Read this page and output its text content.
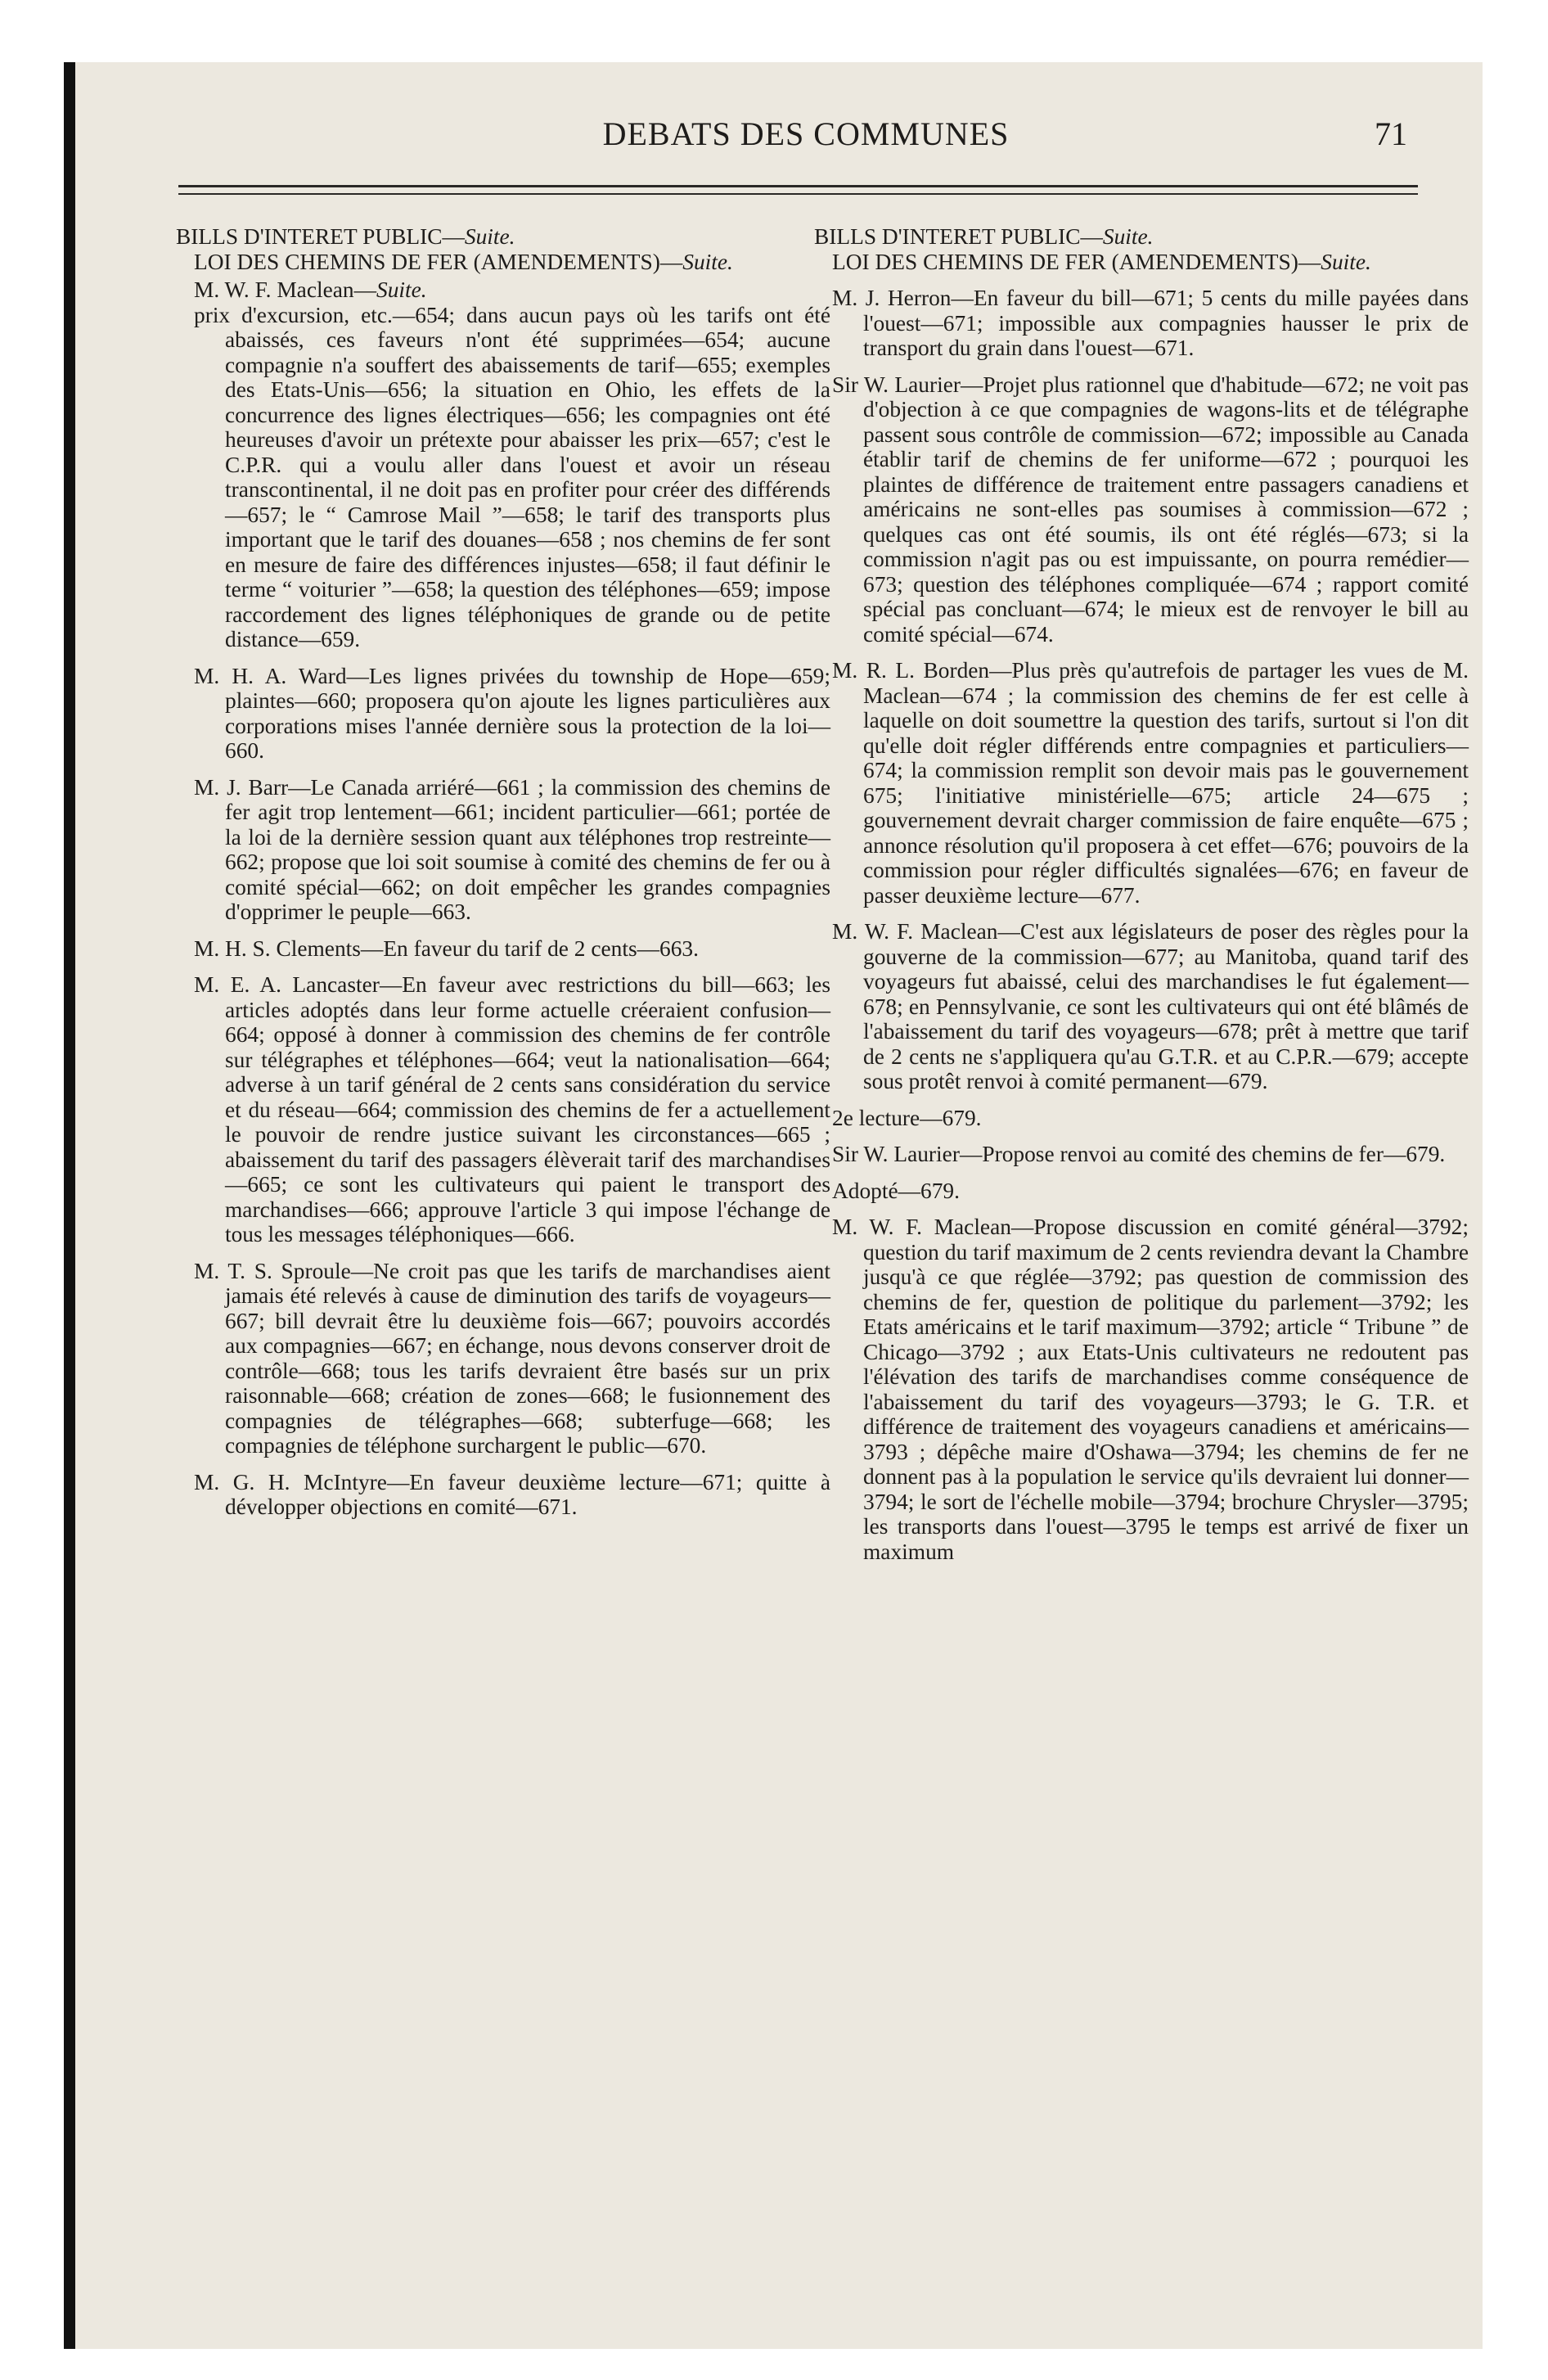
DEBATS DES COMMUNES	71

BILLS D'INTERET PUBLIC—Suite.

LOI DES CHEMINS DE FER (AMENDEMENTS)—Suite.

M. W. F. Maclean—Suite.

prix d'excursion, etc.—654; dans aucun pays où les tarifs ont été abaissés, ces faveurs n'ont été supprimées—654; aucune compagnie n'a souffert des abaissements de tarif—655; exemples des Etats-Unis—656; la situation en Ohio, les effets de la concurrence des lignes électriques—656; les compagnies ont été heureuses d'avoir un prétexte pour abaisser les prix—657; c'est le C.P.R. qui a voulu aller dans l'ouest et avoir un réseau transcontinental, il ne doit pas en profiter pour créer des différends—657; le “ Camrose Mail ”—658; le tarif des transports plus important que le tarif des douanes—658 ; nos chemins de fer sont en mesure de faire des différences injustes—658; il faut définir le terme “ voiturier ”—658; la question des téléphones—659; impose raccordement des lignes téléphoniques de grande ou de petite distance—659.

M. H. A. Ward—Les lignes privées du township de Hope—659; plaintes—660; proposera qu'on ajoute les lignes particulières aux corporations mises l'année dernière sous la protection de la loi—660.

M. J. Barr—Le Canada arriéré—661 ; la commission des chemins de fer agit trop lentement—661; incident particulier—661; portée de la loi de la dernière session quant aux téléphones trop restreinte—662; propose que loi soit soumise à comité des chemins de fer ou à comité spécial—662; on doit empêcher les grandes compagnies d'opprimer le peuple—663.

M. H. S. Clements—En faveur du tarif de 2 cents—663.

M. E. A. Lancaster—En faveur avec restrictions du bill—663; les articles adoptés dans leur forme actuelle créeraient confusion—664; opposé à donner à commission des chemins de fer contrôle sur télégraphes et téléphones—664; veut la nationalisation—664; adverse à un tarif général de 2 cents sans considération du service et du réseau—664; commission des chemins de fer a actuellement le pouvoir de rendre justice suivant les circonstances—665 ; abaissement du tarif des passagers élèverait tarif des marchandises—665; ce sont les cultivateurs qui paient le transport des marchandises—666; approuve l'article 3 qui impose l'échange de tous les messages téléphoniques—666.

M. T. S. Sproule—Ne croit pas que les tarifs de marchandises aient jamais été relevés à cause de diminution des tarifs de voyageurs—667; bill devrait être lu deuxième fois—667; pouvoirs accordés aux compagnies—667; en échange, nous devons conserver droit de contrôle—668; tous les tarifs devraient être basés sur un prix raisonnable—668; création de zones—668; le fusionnement des compagnies de télégraphes—668; subterfuge—668; les compagnies de téléphone surchargent le public—670.

M. G. H. McIntyre—En faveur deuxième lecture—671; quitte à développer objections en comité—671.

BILLS D'INTERET PUBLIC—Suite.

LOI DES CHEMINS DE FER (AMENDEMENTS)—Suite.

M. J. Herron—En faveur du bill—671; 5 cents du mille payées dans l'ouest—671; impossible aux compagnies hausser le prix de transport du grain dans l'ouest—671.

Sir W. Laurier—Projet plus rationnel que d'habitude—672; ne voit pas d'objection à ce que compagnies de wagons-lits et de télégraphe passent sous contrôle de commission—672; impossible au Canada établir tarif de chemins de fer uniforme—672 ; pourquoi les plaintes de différence de traitement entre passagers canadiens et américains ne sont-elles pas soumises à commission—672 ; quelques cas ont été soumis, ils ont été réglés—673; si la commission n'agit pas ou est impuissante, on pourra remédier—673; question des téléphones compliquée—674 ; rapport comité spécial pas concluant—674; le mieux est de renvoyer le bill au comité spécial—674.

M. R. L. Borden—Plus près qu'autrefois de partager les vues de M. Maclean—674 ; la commission des chemins de fer est celle à laquelle on doit soumettre la question des tarifs, surtout si l'on dit qu'elle doit régler différends entre compagnies et particuliers—674; la commission remplit son devoir mais pas le gouvernement 675; l'initiative ministérielle—675; article 24—675 ; gouvernement devrait charger commission de faire enquête—675 ; annonce résolution qu'il proposera à cet effet—676; pouvoirs de la commission pour régler difficultés signalées—676; en faveur de passer deuxième lecture—677.

M. W. F. Maclean—C'est aux législateurs de poser des règles pour la gouverne de la commission—677; au Manitoba, quand tarif des voyageurs fut abaissé, celui des marchandises le fut également—678; en Pennsylvanie, ce sont les cultivateurs qui ont été blâmés de l'abaissement du tarif des voyageurs—678; prêt à mettre que tarif de 2 cents ne s'appliquera qu'au G.T.R. et au C.P.R.—679; accepte sous protêt renvoi à comité permanent—679.

2e lecture—679.

Sir W. Laurier—Propose renvoi au comité des chemins de fer—679.

Adopté—679.

M. W. F. Maclean—Propose discussion en comité général—3792; question du tarif maximum de 2 cents reviendra devant la Chambre jusqu'à ce que réglée—3792; pas question de commission des chemins de fer, question de politique du parlement—3792; les Etats américains et le tarif maximum—3792; article “ Tribune ” de Chicago—3792 ; aux Etats-Unis cultivateurs ne redoutent pas l'élévation des tarifs de marchandises comme conséquence de l'abaissement du tarif des voyageurs—3793; le G. T.R. et différence de traitement des voyageurs canadiens et américains—3793 ; dépêche maire d'Oshawa—3794; les chemins de fer ne donnent pas à la population le service qu'ils devraient lui donner—3794; le sort de l'échelle mobile—3794; brochure Chrysler—3795; les transports dans l'ouest—3795 le temps est arrivé de fixer un maximum
